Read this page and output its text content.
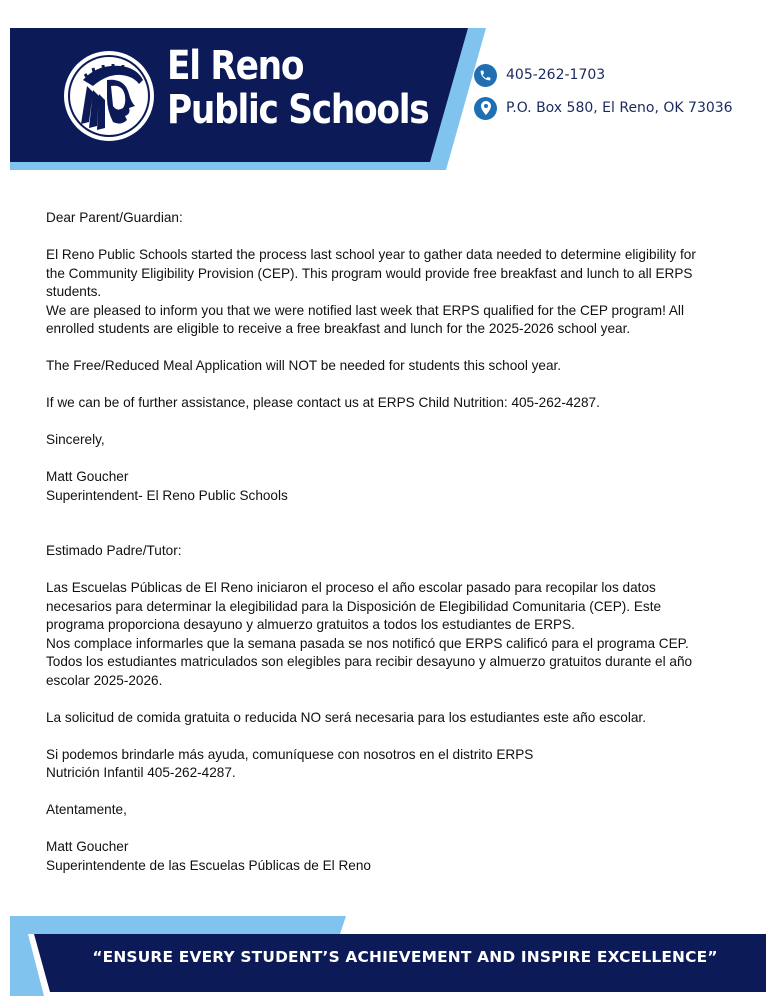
El Reno
Public Schools
405-262-1703
P.O. Box 580, El Reno, OK 73036

Dear Parent/Guardian:

El Reno Public Schools started the process last school year to gather data needed to determine eligibility for

the Community Eligibility Provision (CEP). This program would provide free breakfast and lunch to all ERPS

students.

We are pleased to inform you that we were notified last week that ERPS qualified for the CEP program! All

enrolled students are eligible to receive a free breakfast and lunch for the 2025-2026 school year.

The Free/Reduced Meal Application will NOT be needed for students this school year.

If we can be of further assistance, please contact us at ERPS Child Nutrition: 405-262-4287.

Sincerely,

Matt Goucher

Superintendent- El Reno Public Schools

Estimado Padre/Tutor:

Las Escuelas Públicas de El Reno iniciaron el proceso el año escolar pasado para recopilar los datos

necesarios para determinar la elegibilidad para la Disposición de Elegibilidad Comunitaria (CEP). Este

programa proporciona desayuno y almuerzo gratuitos a todos los estudiantes de ERPS.

Nos complace informarles que la semana pasada se nos notificó que ERPS calificó para el programa CEP.

Todos los estudiantes matriculados son elegibles para recibir desayuno y almuerzo gratuitos durante el año

escolar 2025-2026.

La solicitud de comida gratuita o reducida NO será necesaria para los estudiantes este año escolar.

Si podemos brindarle más ayuda, comuníquese con nosotros en el distrito ERPS

Nutrición Infantil 405-262-4287.

Atentamente,

Matt Goucher

Superintendente de las Escuelas Públicas de El Reno

“ENSURE EVERY STUDENT’S ACHIEVEMENT AND INSPIRE EXCELLENCE”
